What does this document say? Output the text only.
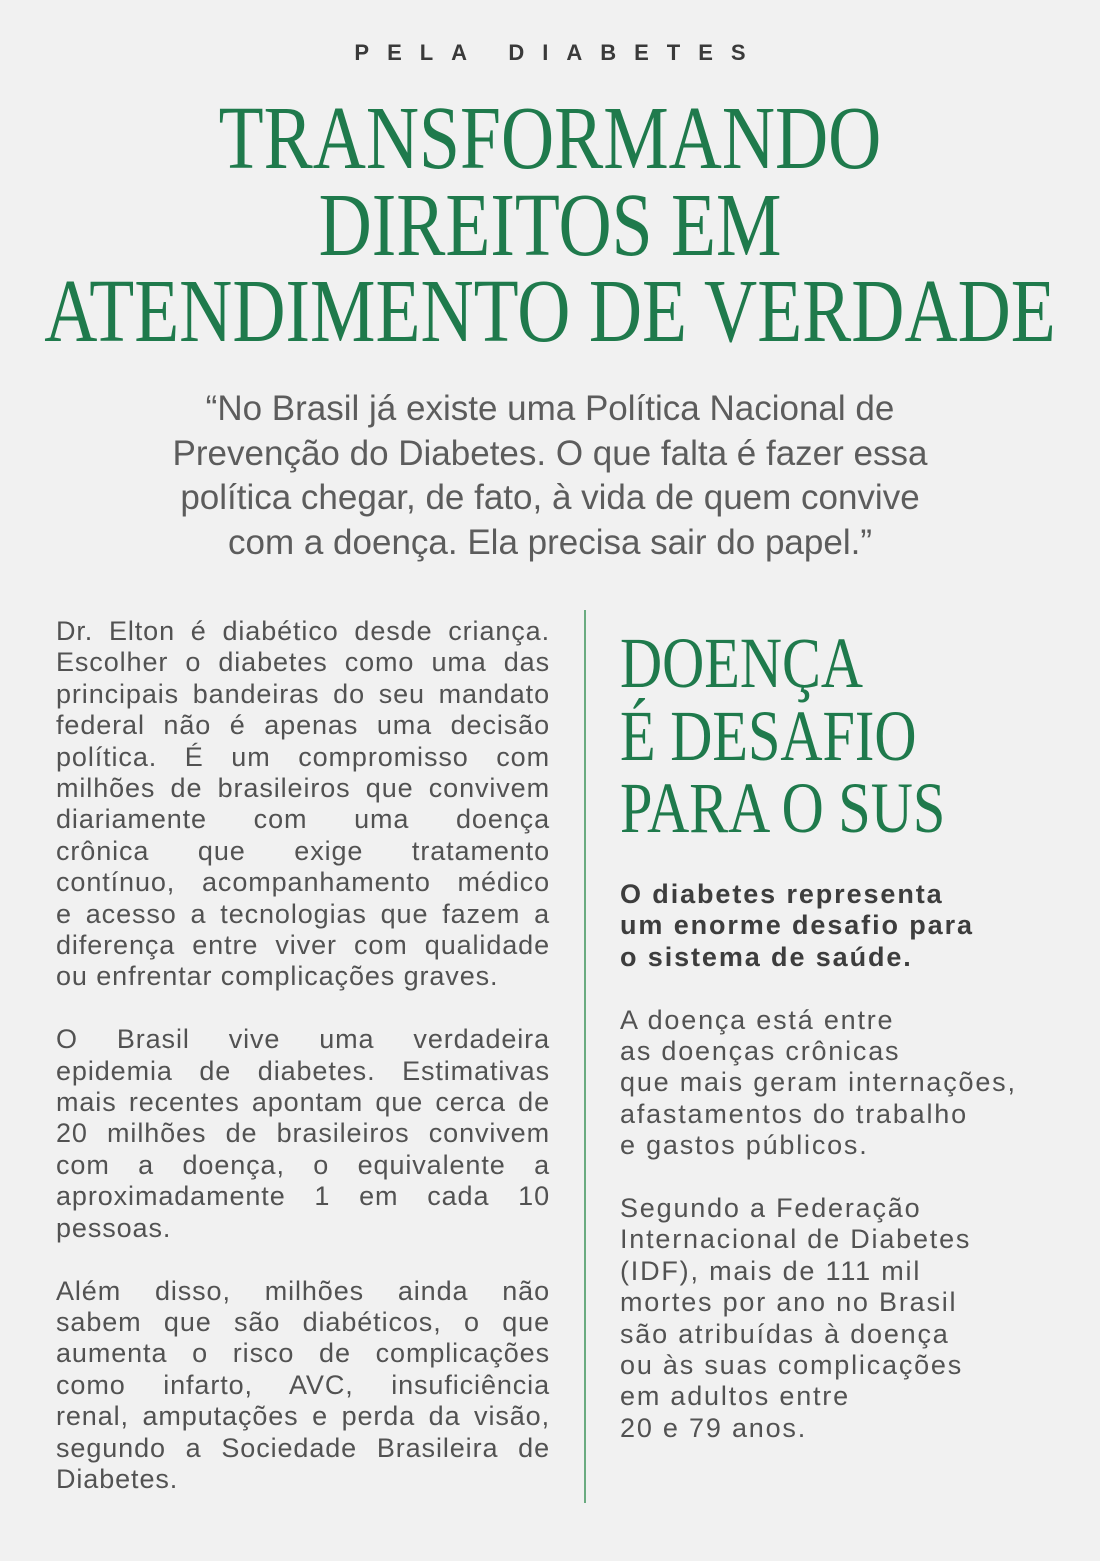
PELA DIABETES
TRANSFORMANDO
DIREITOS EM
ATENDIMENTO DE VERDADE
“No Brasil já existe uma Política Nacional de
Prevenção do Diabetes. O que falta é fazer essa
política chegar, de fato, à vida de quem convive
com a doença. Ela precisa sair do papel.”

Dr. Elton é diabético desde criança.
Escolher o diabetes como uma das
principais bandeiras do seu mandato
federal não é apenas uma decisão
política. É um compromisso com
milhões de brasileiros que convivem
diariamente com uma doença
crônica que exige tratamento
contínuo, acompanhamento médico
e acesso a tecnologias que fazem a
diferença entre viver com qualidade
ou enfrentar complicações graves.

O Brasil vive uma verdadeira
epidemia de diabetes. Estimativas
mais recentes apontam que cerca de
20 milhões de brasileiros convivem
com a doença, o equivalente a
aproximadamente 1 em cada 10
pessoas.

Além disso, milhões ainda não
sabem que são diabéticos, o que
aumenta o risco de complicações
como infarto, AVC, insuficiência
renal, amputações e perda da visão,
segundo a Sociedade Brasileira de
Diabetes.

DOENÇA
É DESAFIO
PARA O SUS

O diabetes representa
um enorme desafio para
o sistema de saúde.

A doença está entre
as doenças crônicas
que mais geram internações,
afastamentos do trabalho
e gastos públicos.

Segundo a Federação
Internacional de Diabetes
(IDF), mais de 111 mil
mortes por ano no Brasil
são atribuídas à doença
ou às suas complicações
em adultos entre
20 e 79 anos.
